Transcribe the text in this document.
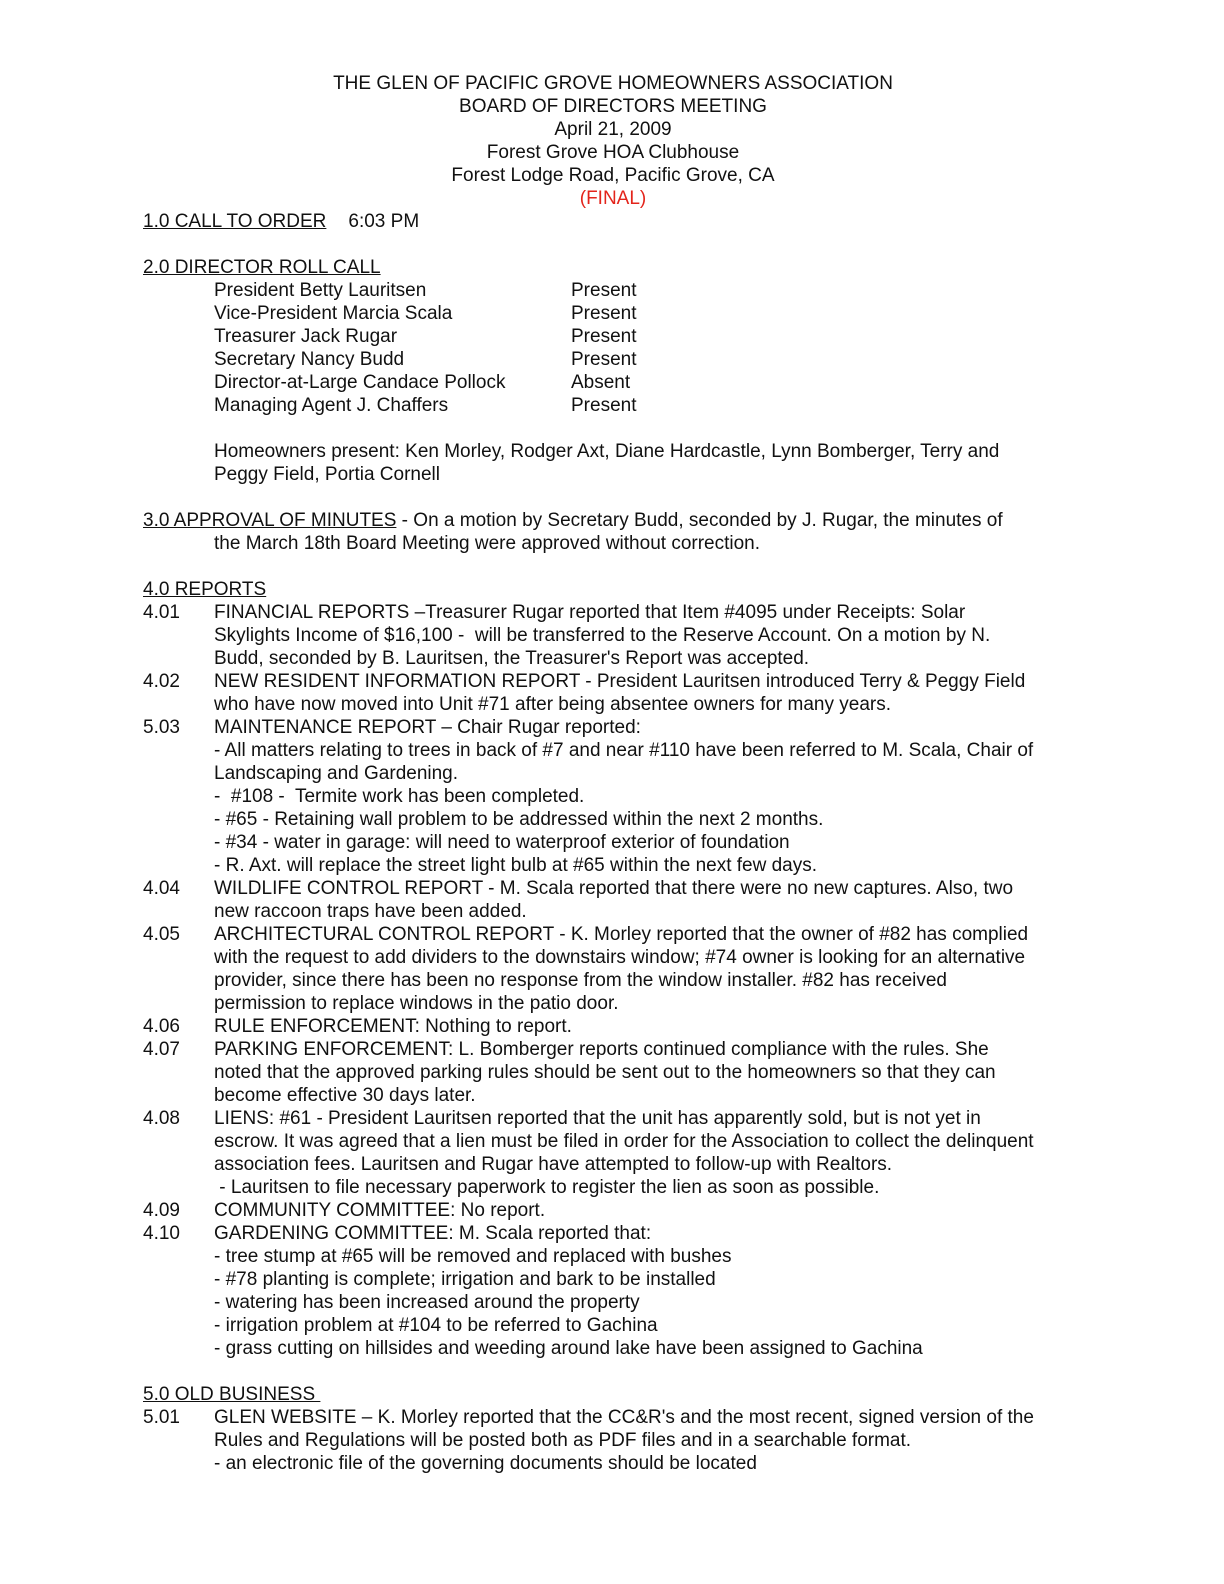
THE GLEN OF PACIFIC GROVE HOMEOWNERS ASSOCIATION
BOARD OF DIRECTORS MEETING
April 21, 2009
Forest Grove HOA Clubhouse
Forest Lodge Road, Pacific Grove, CA
(FINAL)
1.0 CALL TO ORDER 6:03 PM
2.0 DIRECTOR ROLL CALL
President Betty Lauritsen	Present
Vice-President Marcia Scala	Present
Treasurer Jack Rugar	Present
Secretary Nancy Budd	Present
Director-at-Large Candace Pollock	Absent
Managing Agent J. Chaffers	Present
Homeowners present: Ken Morley, Rodger Axt, Diane Hardcastle, Lynn Bomberger, Terry and
Peggy Field, Portia Cornell
3.0 APPROVAL OF MINUTES - On a motion by Secretary Budd, seconded by J. Rugar, the minutes of
the March 18th Board Meeting were approved without correction.
4.0 REPORTS
4.01	FINANCIAL REPORTS –Treasurer Rugar reported that Item #4095 under Receipts: Solar
Skylights Income of $16,100 -  will be transferred to the Reserve Account. On a motion by N.
Budd, seconded by B. Lauritsen, the Treasurer's Report was accepted.
4.02	NEW RESIDENT INFORMATION REPORT - President Lauritsen introduced Terry & Peggy Field
who have now moved into Unit #71 after being absentee owners for many years.
5.03	MAINTENANCE REPORT – Chair Rugar reported:
- All matters relating to trees in back of #7 and near #110 have been referred to M. Scala, Chair of
Landscaping and Gardening.
-  #108 -  Termite work has been completed.
- #65 - Retaining wall problem to be addressed within the next 2 months.
- #34 - water in garage: will need to waterproof exterior of foundation
- R. Axt. will replace the street light bulb at #65 within the next few days.
4.04	WILDLIFE CONTROL REPORT - M. Scala reported that there were no new captures. Also, two
new raccoon traps have been added.
4.05	ARCHITECTURAL CONTROL REPORT - K. Morley reported that the owner of #82 has complied
with the request to add dividers to the downstairs window; #74 owner is looking for an alternative
provider, since there has been no response from the window installer. #82 has received
permission to replace windows in the patio door.
4.06	RULE ENFORCEMENT: Nothing to report.
4.07	PARKING ENFORCEMENT: L. Bomberger reports continued compliance with the rules. She
noted that the approved parking rules should be sent out to the homeowners so that they can
become effective 30 days later.
4.08	LIENS: #61 - President Lauritsen reported that the unit has apparently sold, but is not yet in
escrow. It was agreed that a lien must be filed in order for the Association to collect the delinquent
association fees. Lauritsen and Rugar have attempted to follow-up with Realtors.
- Lauritsen to file necessary paperwork to register the lien as soon as possible.
4.09	COMMUNITY COMMITTEE: No report.
4.10	GARDENING COMMITTEE: M. Scala reported that:
- tree stump at #65 will be removed and replaced with bushes
- #78 planting is complete; irrigation and bark to be installed
- watering has been increased around the property
- irrigation problem at #104 to be referred to Gachina
- grass cutting on hillsides and weeding around lake have been assigned to Gachina
5.0 OLD BUSINESS
5.01	GLEN WEBSITE – K. Morley reported that the CC&R's and the most recent, signed version of the
Rules and Regulations will be posted both as PDF files and in a searchable format.
- an electronic file of the governing documents should be located
